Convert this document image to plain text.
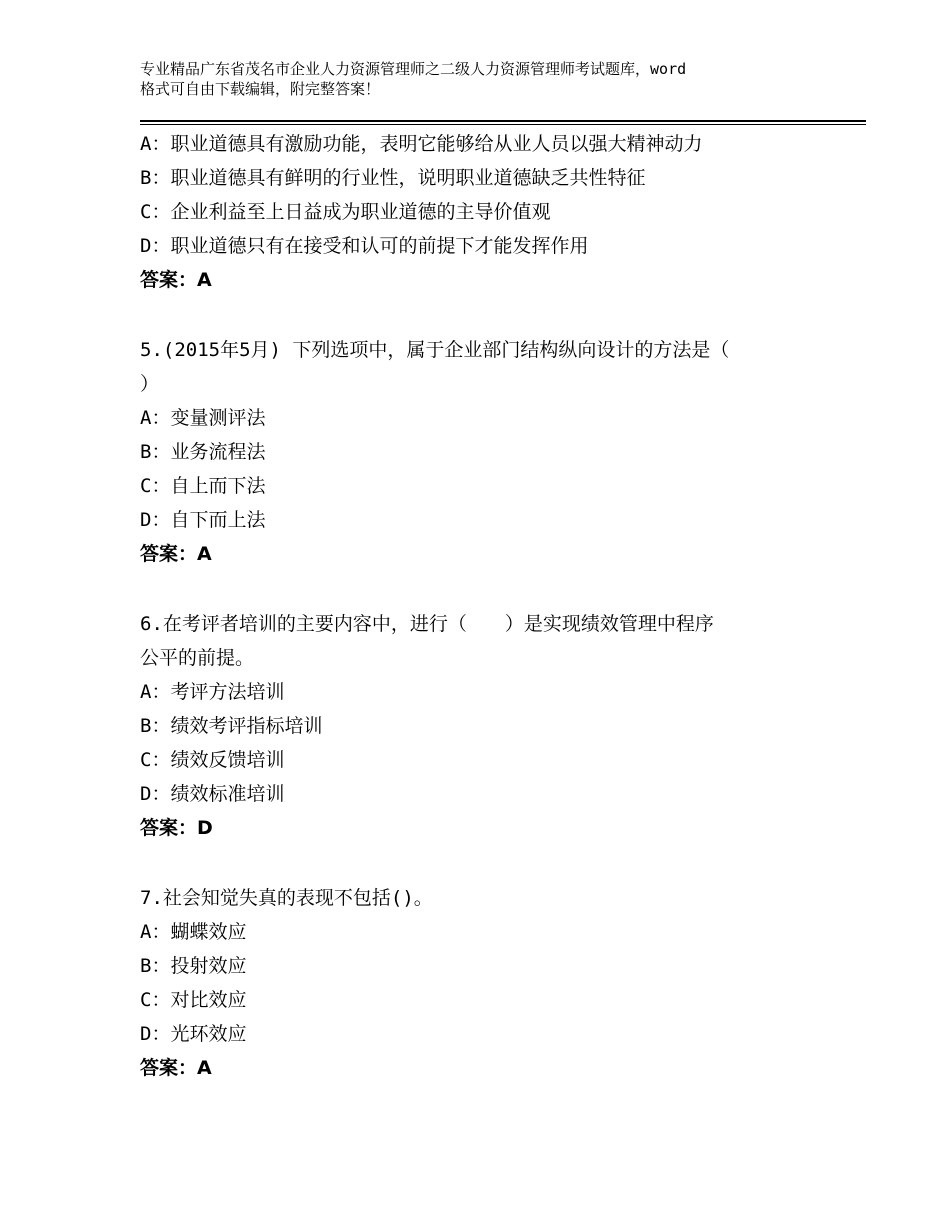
专业精品广东省茂名市企业人力资源管理师之二级人力资源管理师考试题库，word
格式可自由下载编辑，附完整答案！
A：职业道德具有激励功能，表明它能够给从业人员以强大精神动力
B：职业道德具有鲜明的行业性，说明职业道德缺乏共性特征
C：企业利益至上日益成为职业道德的主导价值观
D：职业道德只有在接受和认可的前提下才能发挥作用
答案：A
5.(2015年5月) 下列选项中，属于企业部门结构纵向设计的方法是（
）
A：变量测评法
B：业务流程法
C：自上而下法
D：自下而上法
答案：A
6.在考评者培训的主要内容中，进行（　　）是实现绩效管理中程序
公平的前提。
A：考评方法培训
B：绩效考评指标培训
C：绩效反馈培训
D：绩效标准培训
答案：D
7.社会知觉失真的表现不包括()。
A：蝴蝶效应
B：投射效应
C：对比效应
D：光环效应
答案：A
